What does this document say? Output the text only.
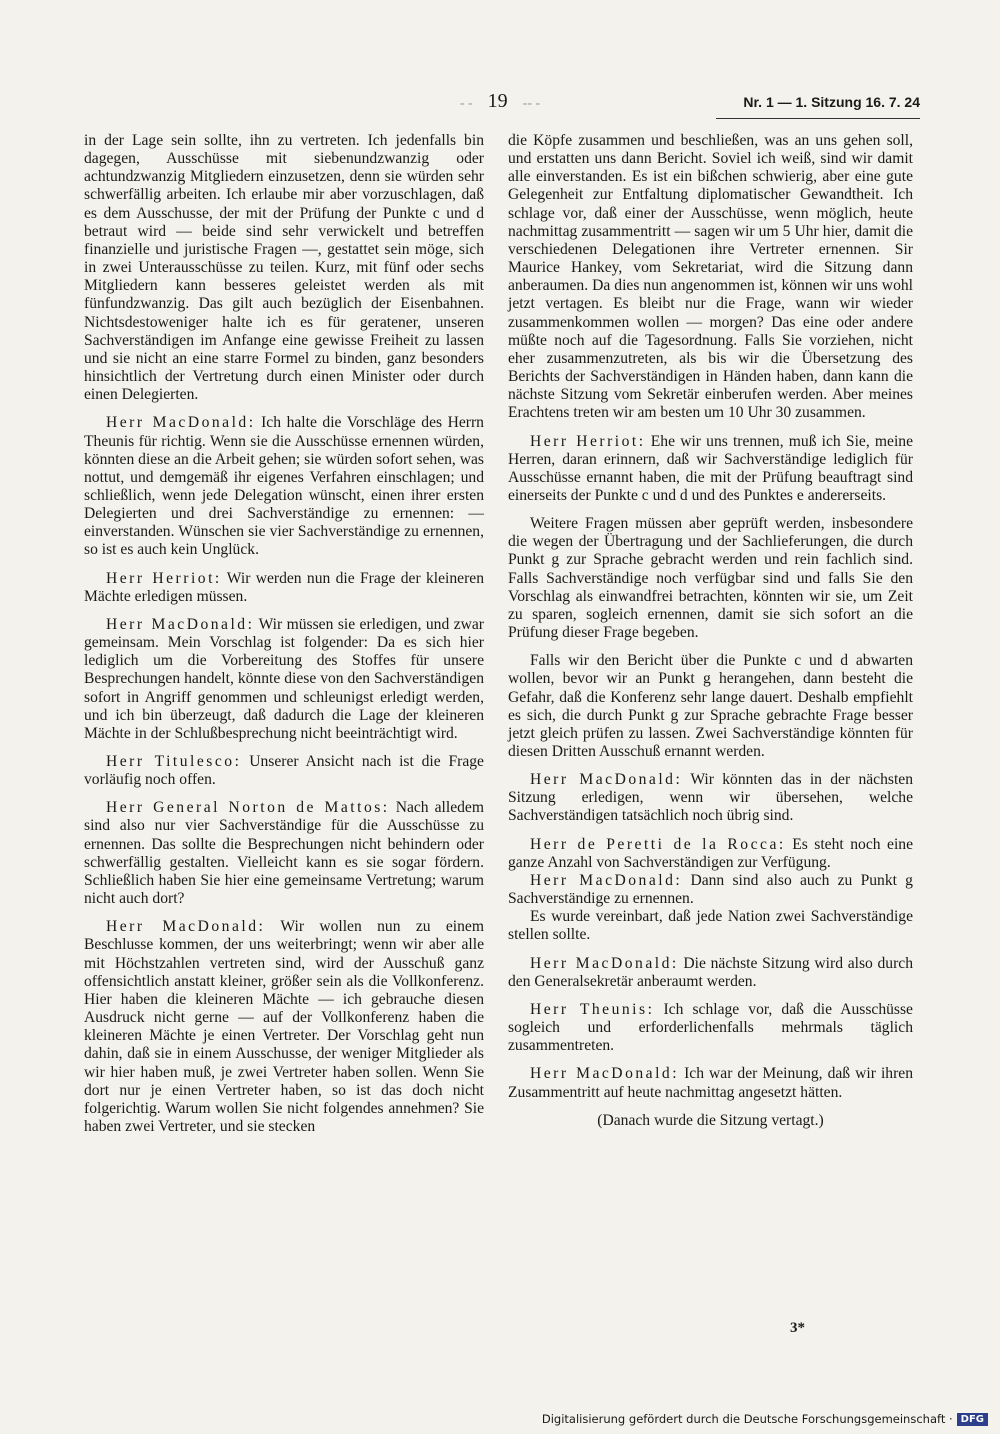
- - 19 -- -	Nr. 1 — 1. Sitzung 16. 7. 24

in der Lage sein sollte, ihn zu vertreten. Ich jedenfalls bin dagegen, Ausschüsse mit siebenundzwanzig oder achtundzwanzig Mitgliedern einzusetzen, denn sie würden sehr schwerfällig arbeiten. Ich erlaube mir aber vorzuschlagen, daß es dem Ausschusse, der mit der Prüfung der Punkte c und d betraut wird — beide sind sehr verwickelt und betreffen finanzielle und juristische Fragen —, gestattet sein möge, sich in zwei Unterausschüsse zu teilen. Kurz, mit fünf oder sechs Mitgliedern kann besseres geleistet werden als mit fünfundzwanzig. Das gilt auch bezüglich der Eisenbahnen. Nichtsdestoweniger halte ich es für geratener, unseren Sachverständigen im Anfange eine gewisse Freiheit zu lassen und sie nicht an eine starre Formel zu binden, ganz besonders hinsichtlich der Vertretung durch einen Minister oder durch einen Delegierten.

Herr MacDonald: Ich halte die Vorschläge des Herrn Theunis für richtig. Wenn sie die Ausschüsse ernennen würden, könnten diese an die Arbeit gehen; sie würden sofort sehen, was nottut, und demgemäß ihr eigenes Verfahren einschlagen; und schließlich, wenn jede Delegation wünscht, einen ihrer ersten Delegierten und drei Sachverständige zu ernennen: — einverstanden. Wünschen sie vier Sachverständige zu ernennen, so ist es auch kein Unglück.

Herr Herriot: Wir werden nun die Frage der kleineren Mächte erledigen müssen.

Herr MacDonald: Wir müssen sie erledigen, und zwar gemeinsam. Mein Vorschlag ist folgender: Da es sich hier lediglich um die Vorbereitung des Stoffes für unsere Besprechungen handelt, könnte diese von den Sachverständigen sofort in Angriff genommen und schleunigst erledigt werden, und ich bin überzeugt, daß dadurch die Lage der kleineren Mächte in der Schlußbesprechung nicht beeinträchtigt wird.

Herr Titulesco: Unserer Ansicht nach ist die Frage vorläufig noch offen.

Herr General Norton de Mattos: Nach alledem sind also nur vier Sachverständige für die Ausschüsse zu ernennen. Das sollte die Besprechungen nicht behindern oder schwerfällig gestalten. Vielleicht kann es sie sogar fördern. Schließlich haben Sie hier eine gemeinsame Vertretung; warum nicht auch dort?

Herr MacDonald: Wir wollen nun zu einem Beschlusse kommen, der uns weiterbringt; wenn wir aber alle mit Höchstzahlen vertreten sind, wird der Ausschuß ganz offensichtlich anstatt kleiner, größer sein als die Vollkonferenz. Hier haben die kleineren Mächte — ich gebrauche diesen Ausdruck nicht gerne — auf der Vollkonferenz haben die kleineren Mächte je einen Vertreter. Der Vorschlag geht nun dahin, daß sie in einem Ausschusse, der weniger Mitglieder als wir hier haben muß, je zwei Vertreter haben sollen. Wenn Sie dort nur je einen Vertreter haben, so ist das doch nicht folgerichtig. Warum wollen Sie nicht folgendes annehmen? Sie haben zwei Vertreter, und sie stecken

die Köpfe zusammen und beschließen, was an uns gehen soll, und erstatten uns dann Bericht. Soviel ich weiß, sind wir damit alle einverstanden. Es ist ein bißchen schwierig, aber eine gute Gelegenheit zur Entfaltung diplomatischer Gewandtheit. Ich schlage vor, daß einer der Ausschüsse, wenn möglich, heute nachmittag zusammentritt — sagen wir um 5 Uhr hier, damit die verschiedenen Delegationen ihre Vertreter ernennen. Sir Maurice Hankey, vom Sekretariat, wird die Sitzung dann anberaumen. Da dies nun angenommen ist, können wir uns wohl jetzt vertagen. Es bleibt nur die Frage, wann wir wieder zusammenkommen wollen — morgen? Das eine oder andere müßte noch auf die Tagesordnung. Falls Sie vorziehen, nicht eher zusammenzutreten, als bis wir die Übersetzung des Berichts der Sachverständigen in Händen haben, dann kann die nächste Sitzung vom Sekretär einberufen werden. Aber meines Erachtens treten wir am besten um 10 Uhr 30 zusammen.

Herr Herriot: Ehe wir uns trennen, muß ich Sie, meine Herren, daran erinnern, daß wir Sachverständige lediglich für Ausschüsse ernannt haben, die mit der Prüfung beauftragt sind einerseits der Punkte c und d und des Punktes e andererseits.

Weitere Fragen müssen aber geprüft werden, insbesondere die wegen der Übertragung und der Sachlieferungen, die durch Punkt g zur Sprache gebracht werden und rein fachlich sind. Falls Sachverständige noch verfügbar sind und falls Sie den Vorschlag als einwandfrei betrachten, könnten wir sie, um Zeit zu sparen, sogleich ernennen, damit sie sich sofort an die Prüfung dieser Frage begeben.

Falls wir den Bericht über die Punkte c und d abwarten wollen, bevor wir an Punkt g herangehen, dann besteht die Gefahr, daß die Konferenz sehr lange dauert. Deshalb empfiehlt es sich, die durch Punkt g zur Sprache gebrachte Frage besser jetzt gleich prüfen zu lassen. Zwei Sachverständige könnten für diesen Dritten Ausschuß ernannt werden.

Herr MacDonald: Wir könnten das in der nächsten Sitzung erledigen, wenn wir übersehen, welche Sachverständigen tatsächlich noch übrig sind.

Herr de Peretti de la Rocca: Es steht noch eine ganze Anzahl von Sachverständigen zur Verfügung.

Herr MacDonald: Dann sind also auch zu Punkt g Sachverständige zu ernennen.

Es wurde vereinbart, daß jede Nation zwei Sachverständige stellen sollte.

Herr MacDonald: Die nächste Sitzung wird also durch den Generalsekretär anberaumt werden.

Herr Theunis: Ich schlage vor, daß die Ausschüsse sogleich und erforderlichenfalls mehrmals täglich zusammentreten.

Herr MacDonald: Ich war der Meinung, daß wir ihren Zusammentritt auf heute nachmittag angesetzt hätten.

(Danach wurde die Sitzung vertagt.)

3*
Digitalisierung gefördert durch die Deutsche Forschungsgemeinschaft · DFG
